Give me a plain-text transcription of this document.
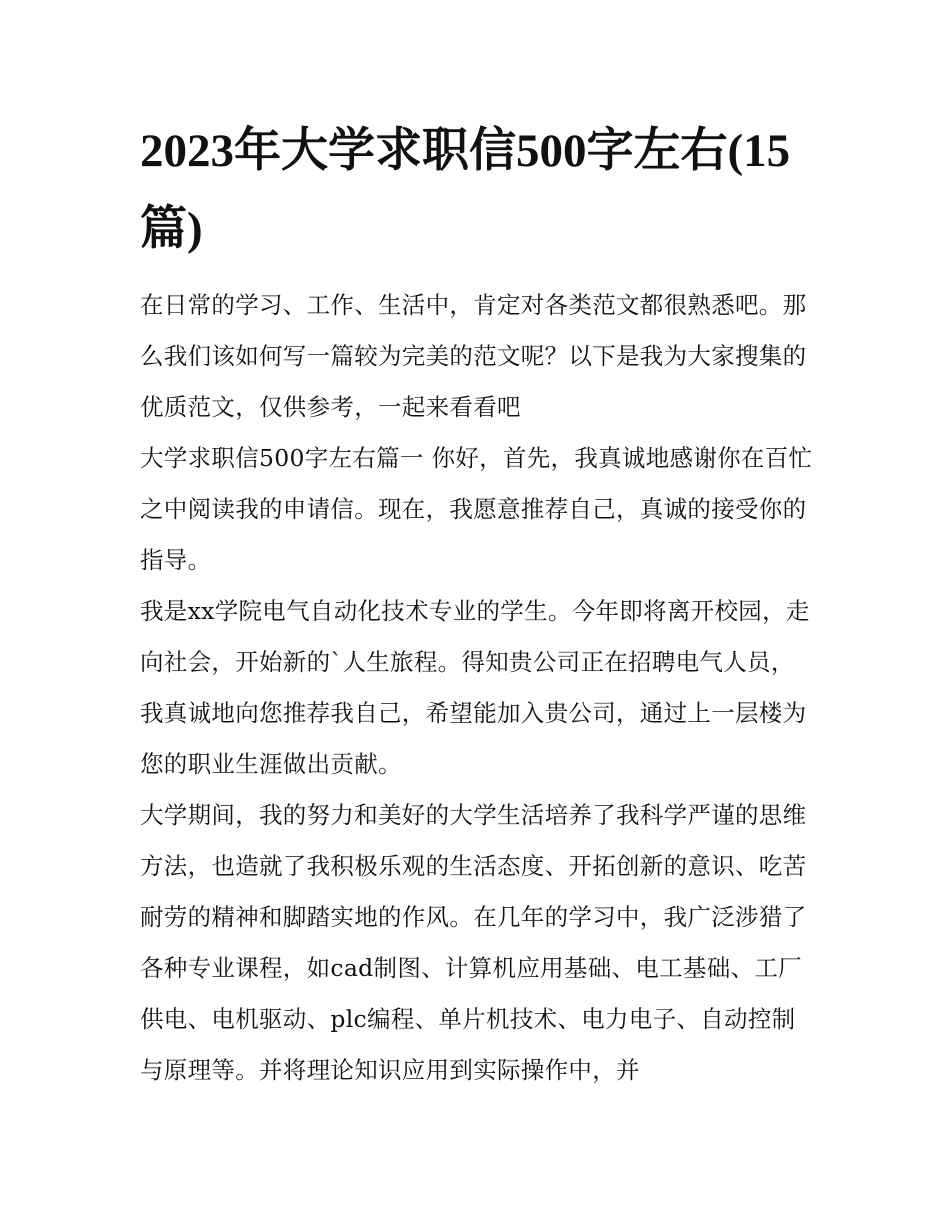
2023年大学求职信500字左右(15篇)

在日常的学习、工作、生活中，肯定对各类范文都很熟悉吧。那么我们该如何写一篇较为完美的范文呢？以下是我为大家搜集的优质范文，仅供参考，一起来看看吧

大学求职信500字左右篇一 你好，首先，我真诚地感谢你在百忙之中阅读我的申请信。现在，我愿意推荐自己，真诚的接受你的指导。

我是xx学院电气自动化技术专业的学生。今年即将离开校园，走向社会，开始新的`人生旅程。得知贵公司正在招聘电气人员，我真诚地向您推荐我自己，希望能加入贵公司，通过上一层楼为您的职业生涯做出贡献。

大学期间，我的努力和美好的大学生活培养了我科学严谨的思维方法，也造就了我积极乐观的生活态度、开拓创新的意识、吃苦耐劳的精神和脚踏实地的作风。在几年的学习中，我广泛涉猎了各种专业课程，如cad制图、计算机应用基础、电工基础、工厂供电、电机驱动、plc编程、单片机技术、电力电子、自动控制与原理等。并将理论知识应用到实际操作中，并
